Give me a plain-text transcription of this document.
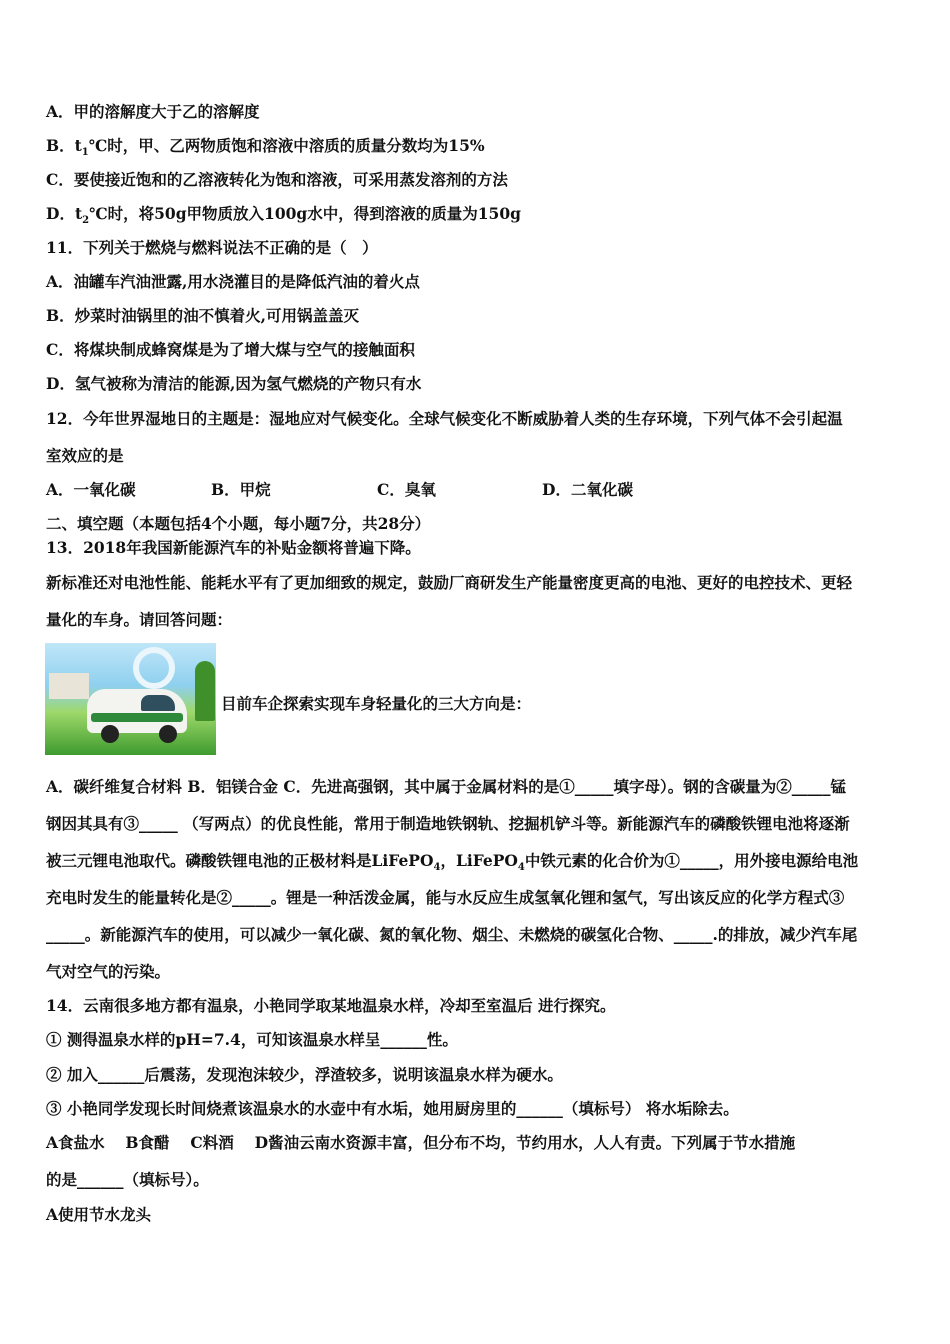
A．甲的溶解度大于乙的溶解度
B．$t_1℃$时，甲、乙两物质饱和溶液中溶质的质量分数均为15%
C．要使接近饱和的乙溶液转化为饱和溶液，可采用蒸发溶剂的方法
D．$t_2℃$时，将50g甲物质放入100g水中，得到溶液的质量为150g
11．下列关于燃烧与燃料说法不正确的是（　）
A．油罐车汽油泄露,用水浇灌目的是降低汽油的着火点
B．炒菜时油锅里的油不慎着火,可用锅盖盖灭
C．将煤块制成蜂窝煤是为了增大煤与空气的接触面积
D．氢气被称为清洁的能源,因为氢气燃烧的产物只有水
12．今年世界湿地日的主题是：湿地应对气候变化。全球气候变化不断威胁着人类的生存环境，下列气体不会引起温
室效应的是
A．一氧化碳	B．甲烷	C．臭氧	D．二氧化碳
二、填空题（本题包括4个小题，每小题7分，共28分）
13．2018年我国新能源汽车的补贴金额将普遍下降。
新标准还对电池性能、能耗水平有了更加细致的规定，鼓励厂商研发生产能量密度更高的电池、更好的电控技术、更轻
量化的车身。请回答问题：
目前车企探索实现车身轻量化的三大方向是：
A．碳纤维复合材料 B．铝镁合金 C．先进高强钢，其中属于金属材料的是①_____填字母）。钢的含碳量为②_____锰
钢因其具有③_____ （写两点）的优良性能，常用于制造地铁钢轨、挖掘机铲斗等。新能源汽车的磷酸铁锂电池将逐渐
被三元锂电池取代。磷酸铁锂电池的正极材料是LiFePO$_4$，LiFePO$_4$中铁元素的化合价为①_____，用外接电源给电池
充电时发生的能量转化是②_____。锂是一种活泼金属，能与水反应生成氢氧化锂和氢气，写出该反应的化学方程式③
_____。新能源汽车的使用，可以减少一氧化碳、氮的氧化物、烟尘、未燃烧的碳氢化合物、_____.的排放，减少汽车尾
气对空气的污染。
14．云南很多地方都有温泉，小艳同学取某地温泉水样，冷却至室温后 进行探究。
① 测得温泉水样的pH=7.4，可知该温泉水样呈______性。
② 加入______后震荡，发现泡沫较少，浮渣较多，说明该温泉水样为硬水。
③ 小艳同学发现长时间烧煮该温泉水的水壶中有水垢，她用厨房里的______（填标号） 将水垢除去。
A食盐水　 B食醋　 C料酒　 D酱油云南水资源丰富，但分布不均，节约用水，人人有责。下列属于节水措施
的是______（填标号）。
A使用节水龙头
